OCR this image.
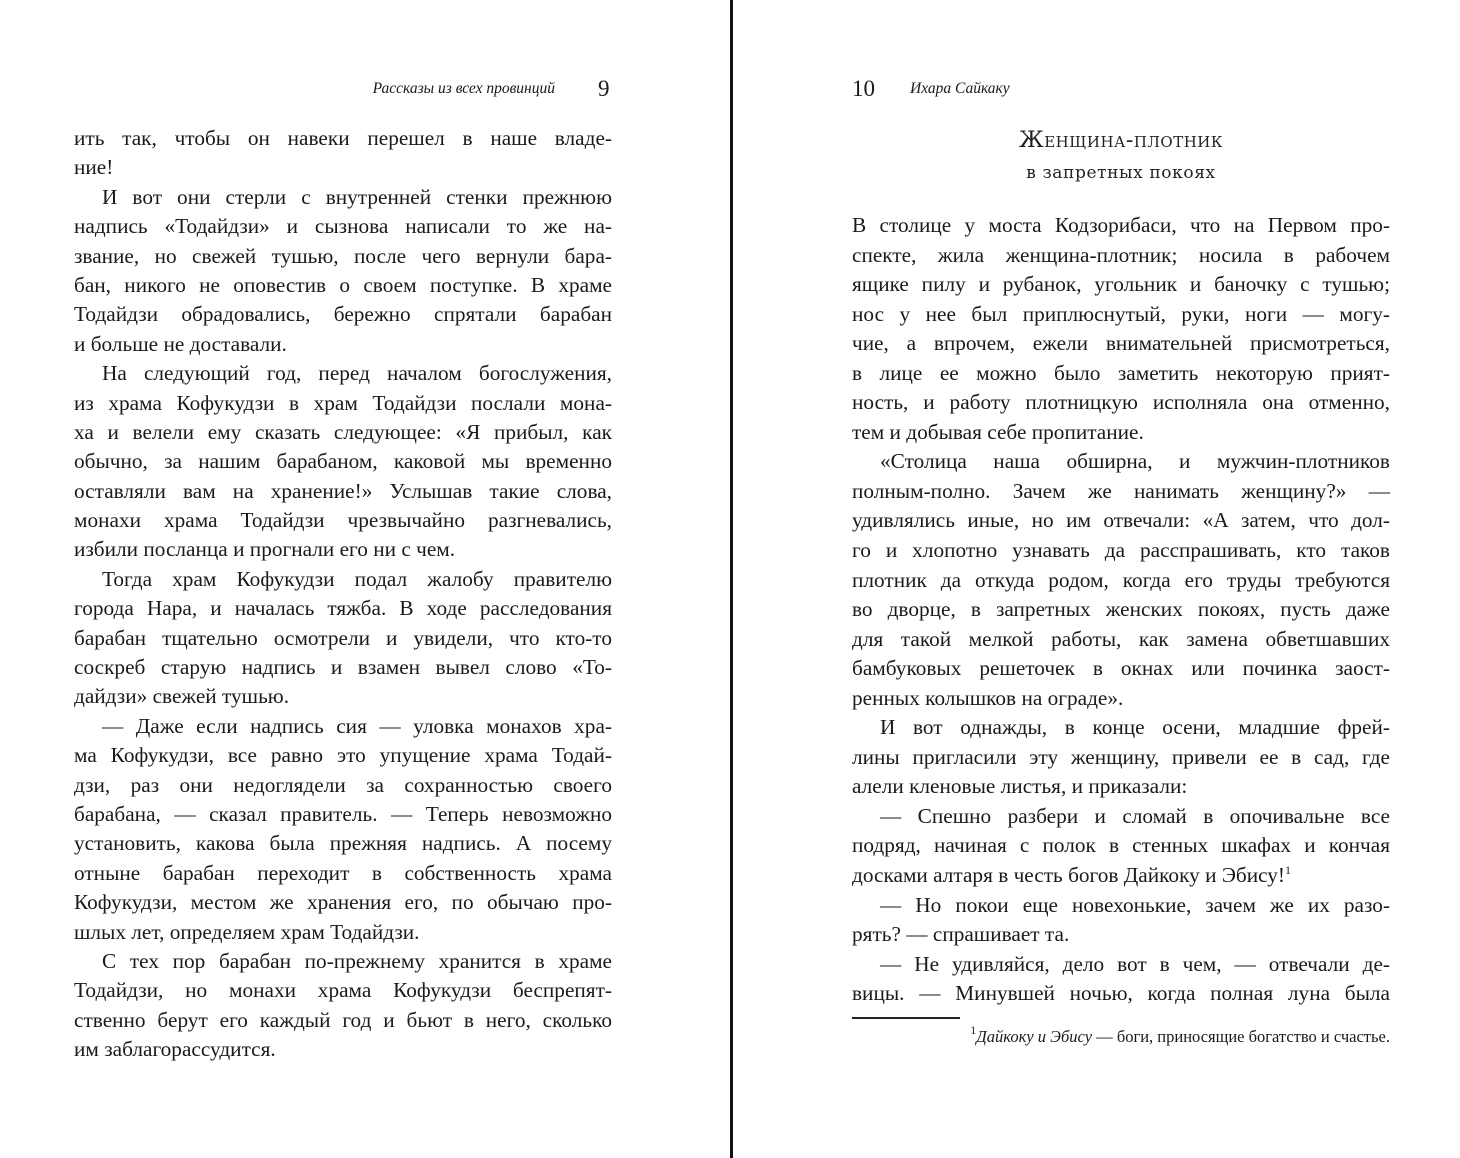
Рассказы из всех провинций 9
ить так, чтобы он навеки перешел в наше владе-
ние!
И вот они стерли с внутренней стенки прежнюю
надпись «Тодайдзи» и сызнова написали то же на-
звание, но свежей тушью, после чего вернули бара-
бан, никого не оповестив о своем поступке. В храме
Тодайдзи обрадовались, бережно спрятали барабан
и больше не доставали.
На следующий год, перед началом богослужения,
из храма Кофукудзи в храм Тодайдзи послали мона-
ха и велели ему сказать следующее: «Я прибыл, как
обычно, за нашим барабаном, каковой мы временно
оставляли вам на хранение!» Услышав такие слова,
монахи храма Тодайдзи чрезвычайно разгневались,
избили посланца и прогнали его ни с чем.
Тогда храм Кофукудзи подал жалобу правителю
города Нара, и началась тяжба. В ходе расследования
барабан тщательно осмотрели и увидели, что кто-то
соскреб старую надпись и взамен вывел слово «То-
дайдзи» свежей тушью.
— Даже если надпись сия — уловка монахов хра-
ма Кофукудзи, все равно это упущение храма Тодай-
дзи, раз они недоглядели за сохранностью своего
барабана, — сказал правитель. — Теперь невозможно
установить, какова была прежняя надпись. А посему
отныне барабан переходит в собственность храма
Кофукудзи, местом же хранения его, по обычаю про-
шлых лет, определяем храм Тодайдзи.
С тех пор барабан по-прежнему хранится в храме
Тодайдзи, но монахи храма Кофукудзи беспрепят-
ственно берут его каждый год и бьют в него, сколько
им заблагорассудится.
10 Ихара Сайкаку
Женщина-плотник
в запретных покоях
В столице у моста Кодзорибаси, что на Первом про-
спекте, жила женщина-плотник; носила в рабочем
ящике пилу и рубанок, угольник и баночку с тушью;
нос у нее был приплюснутый, руки, ноги — могу-
чие, а впрочем, ежели внимательней присмотреться,
в лице ее можно было заметить некоторую прият-
ность, и работу плотницкую исполняла она отменно,
тем и добывая себе пропитание.
«Столица наша обширна, и мужчин-плотников
полным-полно. Зачем же нанимать женщину?» —
удивлялись иные, но им отвечали: «А затем, что дол-
го и хлопотно узнавать да расспрашивать, кто таков
плотник да откуда родом, когда его труды требуются
во дворце, в запретных женских покоях, пусть даже
для такой мелкой работы, как замена обветшавших
бамбуковых решеточек в окнах или починка заост-
ренных колышков на ограде».
И вот однажды, в конце осени, младшие фрей-
лины пригласили эту женщину, привели ее в сад, где
алели кленовые листья, и приказали:
— Спешно разбери и сломай в опочивальне все
подряд, начиная с полок в стенных шкафах и кончая
досками алтаря в честь богов Дайкоку и Эбису!$^1$
— Но покои еще новехонькие, зачем же их разо-
рять? — спрашивает та.
— Не удивляйся, дело вот в чем, — отвечали де-
вицы. — Минувшей ночью, когда полная луна была
$^1$Дайкоку и Эбису — боги, приносящие богатство и счастье.
